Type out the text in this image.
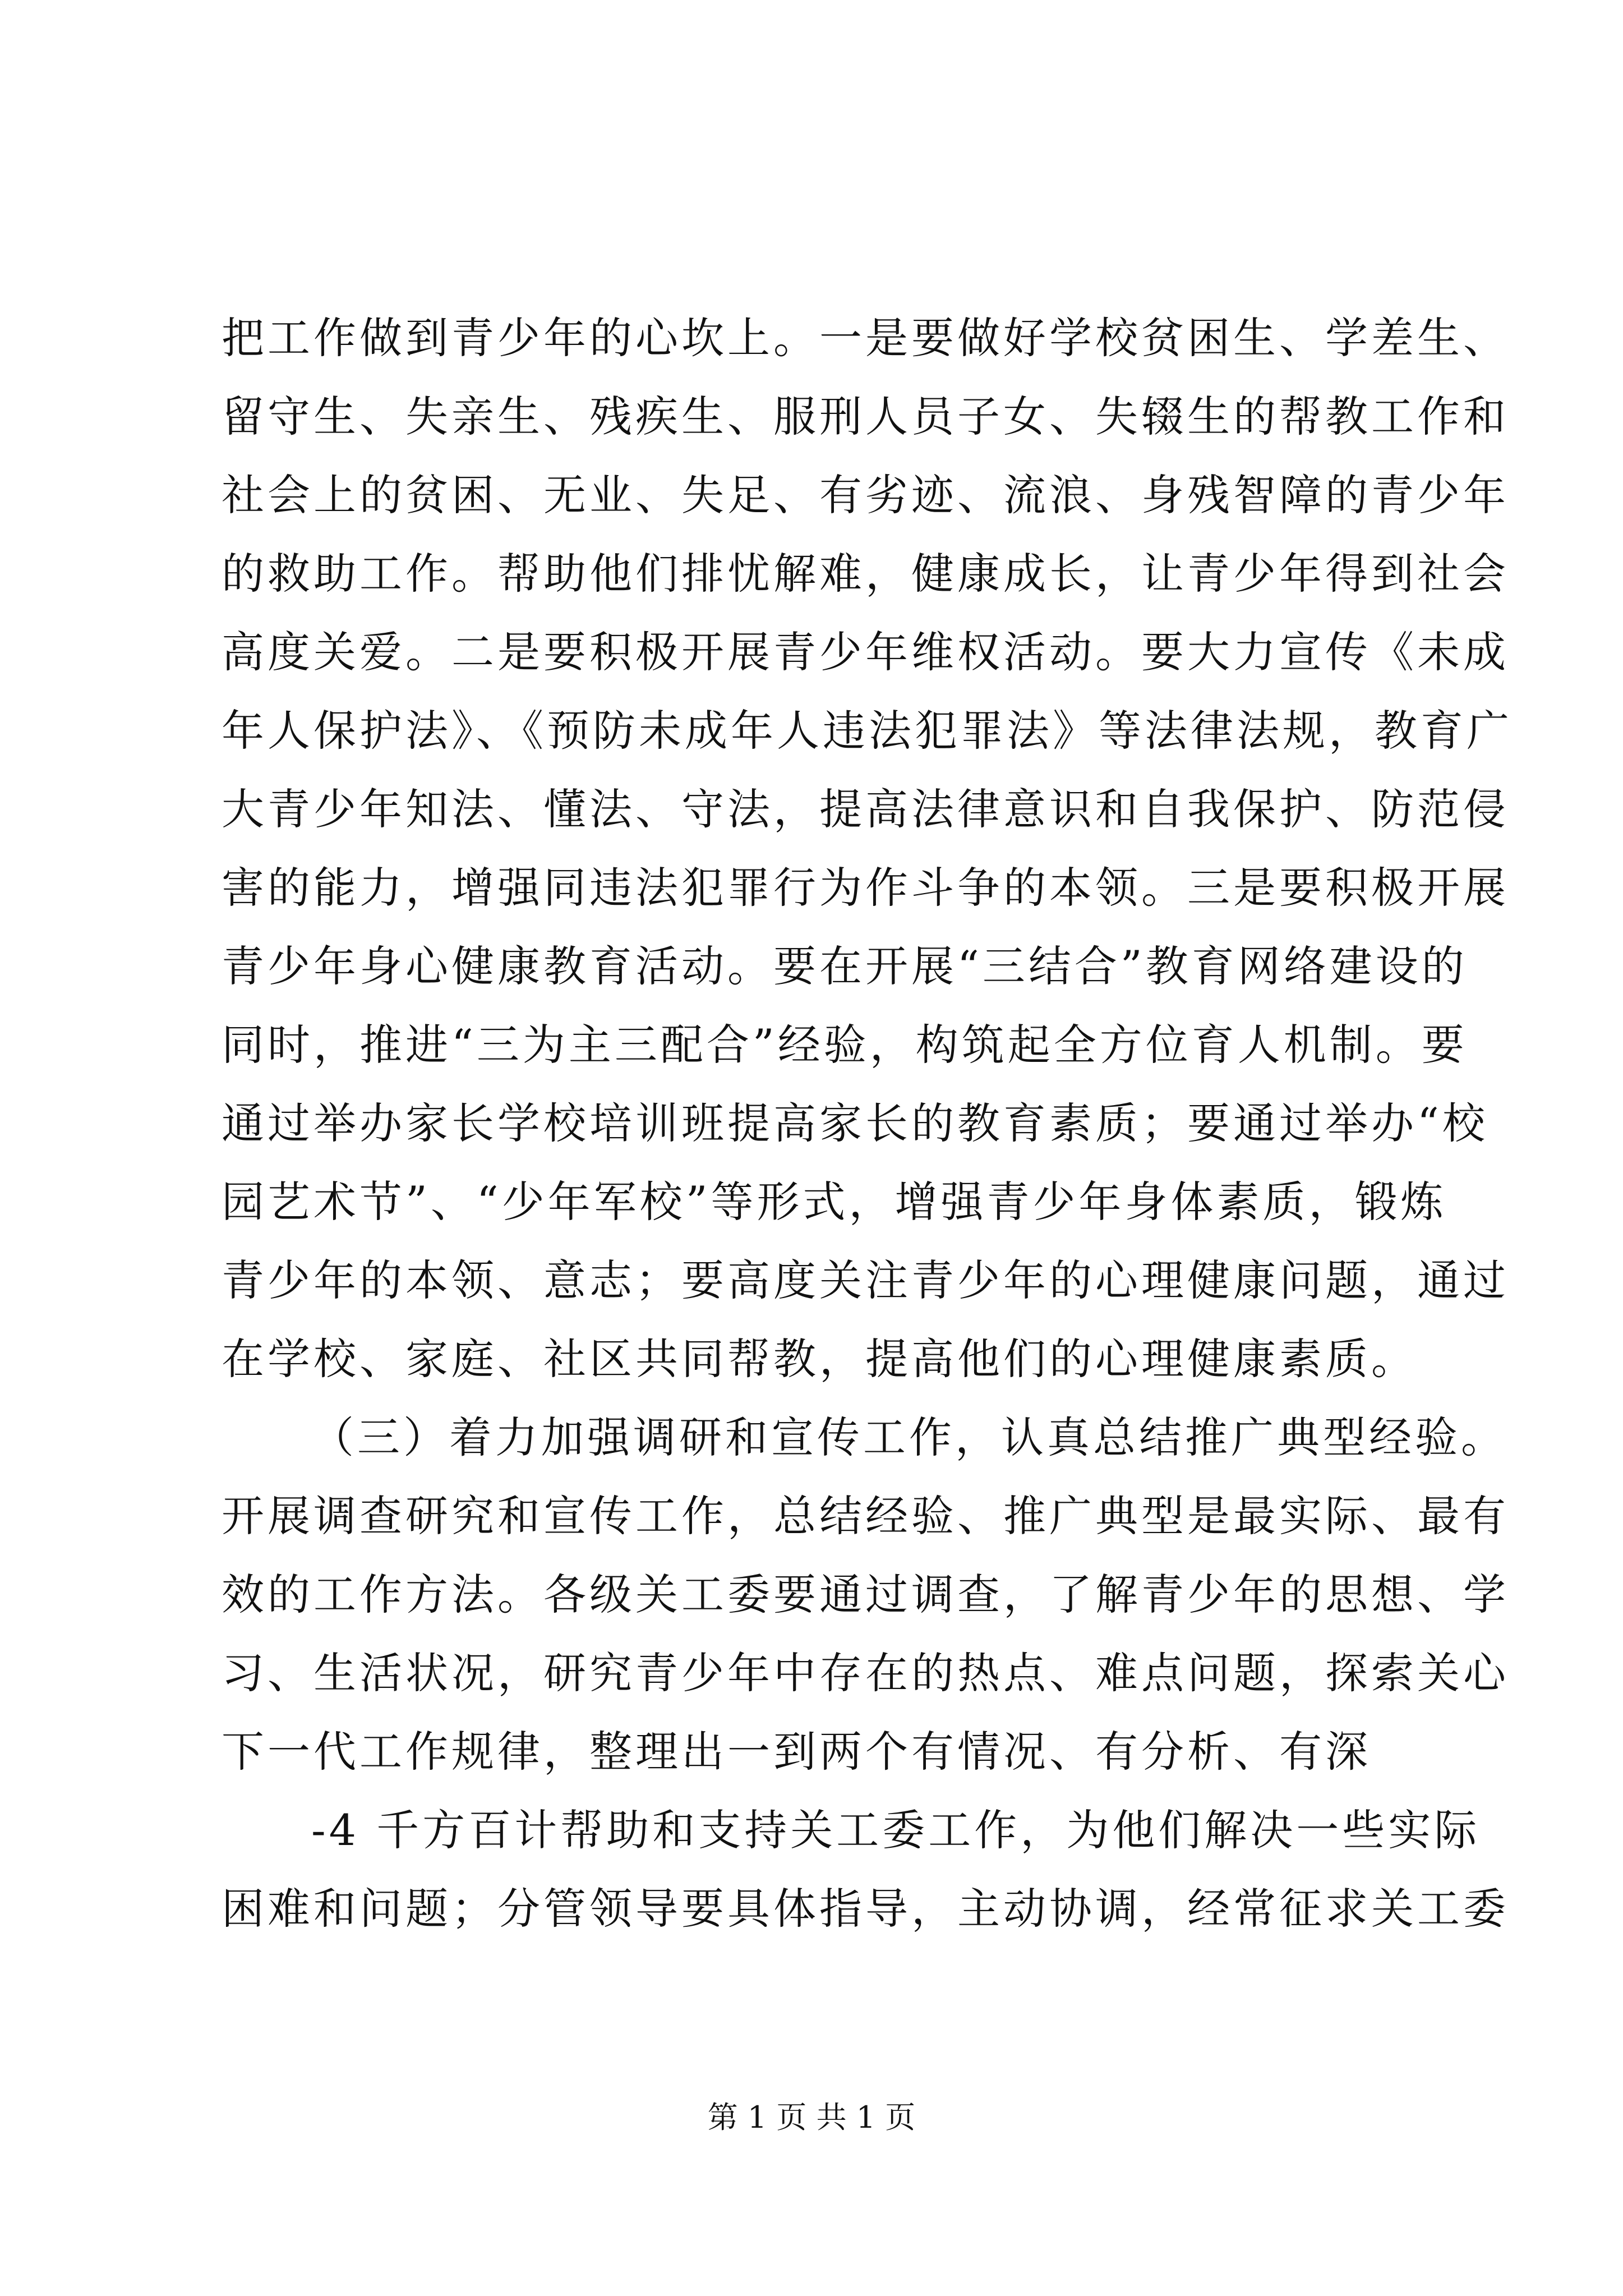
把工作做到青少年的心坎上。一是要做好学校贫困生、学差生、
留守生、失亲生、残疾生、服刑人员子女、失辍生的帮教工作和
社会上的贫困、无业、失足、有劣迹、流浪、身残智障的青少年
的救助工作。帮助他们排忧解难，健康成长，让青少年得到社会
高度关爱。二是要积极开展青少年维权活动。要大力宣传《未成
年人保护法》、《预防未成年人违法犯罪法》等法律法规，教育广
大青少年知法、懂法、守法，提高法律意识和自我保护、防范侵
害的能力，增强同违法犯罪行为作斗争的本领。三是要积极开展
青少年身心健康教育活动。要在开展“三结合”教育网络建设的
同时，推进“三为主三配合”经验，构筑起全方位育人机制。要
通过举办家长学校培训班提高家长的教育素质；要通过举办“校
园艺术节”、“少年军校”等形式，增强青少年身体素质，锻炼
青少年的本领、意志；要高度关注青少年的心理健康问题，通过
在学校、家庭、社区共同帮教，提高他们的心理健康素质。
（三）着力加强调研和宣传工作，认真总结推广典型经验。
开展调查研究和宣传工作，总结经验、推广典型是最实际、最有
效的工作方法。各级关工委要通过调查，了解青少年的思想、学
习、生活状况，研究青少年中存在的热点、难点问题，探索关心
下一代工作规律，整理出一到两个有情况、有分析、有深
-4 千方百计帮助和支持关工委工作，为他们解决一些实际
困难和问题；分管领导要具体指导，主动协调，经常征求关工委
第 1 页 共 1 页
